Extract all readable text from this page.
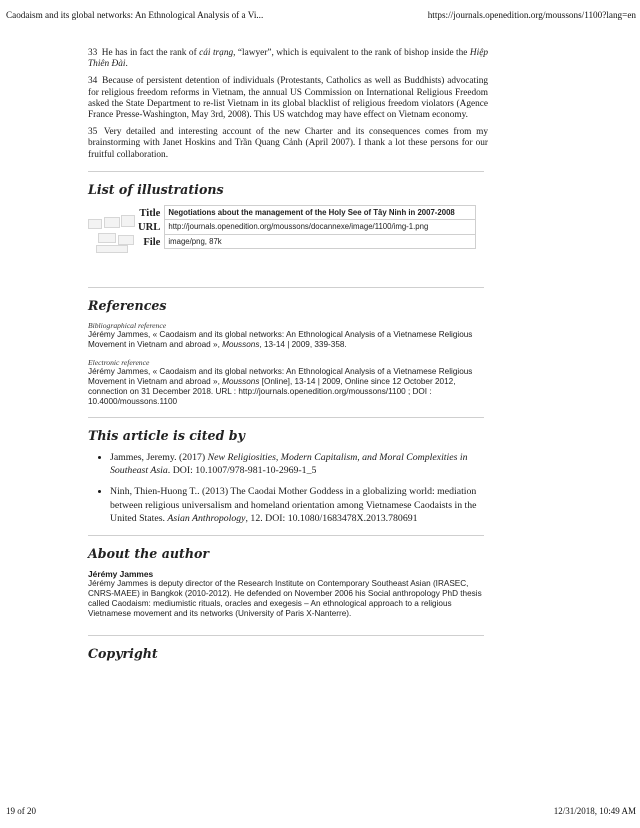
Caodaism and its global networks: An Ethnological Analysis of a Vi...	https://journals.openedition.org/moussons/1100?lang=en

33 He has in fact the rank of cái trạng, “lawyer”, which is equivalent to the rank of bishop inside the Hiệp Thiên Đài.

34 Because of persistent detention of individuals (Protestants, Catholics as well as Buddhists) advocating for religious freedom reforms in Vietnam, the annual US Commission on International Religious Freedom asked the State Department to re-list Vietnam in its global blacklist of religious freedom violators (Agence France Presse-Washington, May 3rd, 2008). This US watchdog may have effect on Vietnam economy.

35 Very detailed and interesting account of the new Charter and its consequences comes from my brainstorming with Janet Hoskins and Trần Quang Cảnh (April 2007). I thank a lot these persons for our fruitful collaboration.

List of illustrations
Title	Negotiations about the management of the Holy See of Tây Ninh in 2007-2008
URL	http://journals.openedition.org/moussons/docannexe/image/1100/img-1.png
File	image/png, 87k
References

Bibliographical reference

Jérémy Jammes, « Caodaism and its global networks: An Ethnological Analysis of a Vietnamese Religious Movement in Vietnam and abroad », Moussons, 13-14 | 2009, 339-358.

Electronic reference

Jérémy Jammes, « Caodaism and its global networks: An Ethnological Analysis of a Vietnamese Religious Movement in Vietnam and abroad », Moussons [Online], 13-14 | 2009, Online since 12 October 2012, connection on 31 December 2018. URL : http://journals.openedition.org/moussons/1100 ; DOI : 10.4000/moussons.1100

This article is cited by
• Jammes, Jeremy. (2017) New Religiosities, Modern Capitalism, and Moral Complexities in Southeast Asia. DOI: 10.1007/978-981-10-2969-1_5
• Ninh, Thien-Huong T.. (2013) The Caodai Mother Goddess in a globalizing world: mediation between religious universalism and homeland orientation among Vietnamese Caodaists in the United States. Asian Anthropology, 12. DOI: 10.1080/1683478X.2013.780691
About the author

Jérémy Jammes

Jérémy Jammes is deputy director of the Research Institute on Contemporary Southeast Asian (IRASEC, CNRS-MAEE) in Bangkok (2010-2012). He defended on November 2006 his Social anthropology PhD thesis called Caodaism: mediumistic rituals, oracles and exegesis – An ethnological approach to a religious Vietnamese movement and its networks (University of Paris X-Nanterre).

Copyright
19 of 20	12/31/2018, 10:49 AM
